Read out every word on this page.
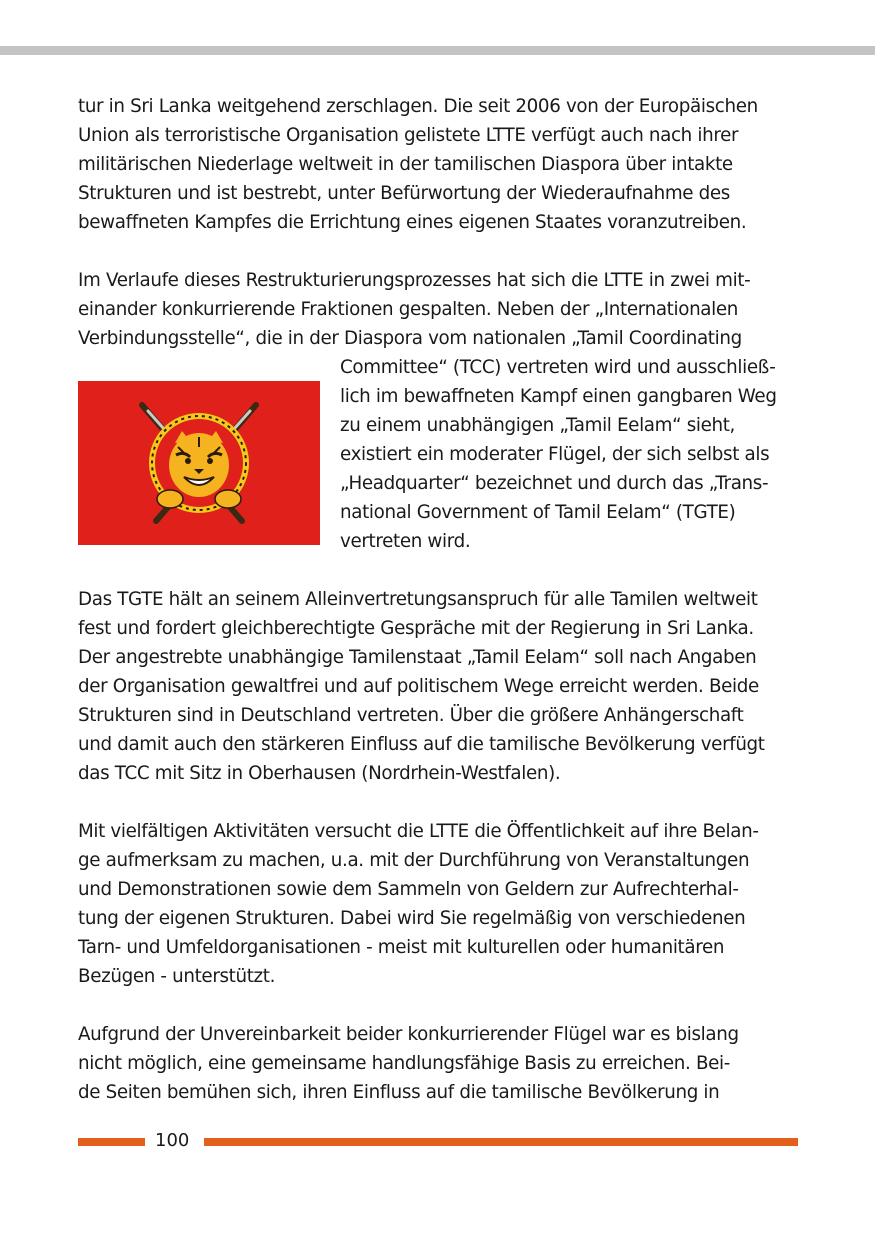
tur in Sri Lanka weitgehend zerschlagen. Die seit 2006 von der Europäischen
Union als terroristische Organisation gelistete LTTE verfügt auch nach ihrer
militärischen Niederlage weltweit in der tamilischen Diaspora über intakte
Strukturen und ist bestrebt, unter Befürwortung der Wiederaufnahme des
bewaffneten Kampfes die Errichtung eines eigenen Staates voranzutreiben.

Im Verlaufe dieses Restrukturierungsprozesses hat sich die LTTE in zwei mit-
einander konkurrierende Fraktionen gespalten. Neben der „Internationalen
Verbindungsstelle“, die in der Diaspora vom nationalen „Tamil Coordinating
Committee“ (TCC) vertreten wird und ausschließ-
lich im bewaffneten Kampf einen gangbaren Weg
zu einem unabhängigen „Tamil Eelam“ sieht,
existiert ein moderater Flügel, der sich selbst als
„Headquarter“ bezeichnet und durch das „Trans-
national Government of Tamil Eelam“ (TGTE)
vertreten wird.

Das TGTE hält an seinem Alleinvertretungsanspruch für alle Tamilen weltweit
fest und fordert gleichberechtigte Gespräche mit der Regierung in Sri Lanka.
Der angestrebte unabhängige Tamilenstaat „Tamil Eelam“ soll nach Angaben
der Organisation gewaltfrei und auf politischem Wege erreicht werden. Beide
Strukturen sind in Deutschland vertreten. Über die größere Anhängerschaft
und damit auch den stärkeren Einfluss auf die tamilische Bevölkerung verfügt
das TCC mit Sitz in Oberhausen (Nordrhein-Westfalen).

Mit vielfältigen Aktivitäten versucht die LTTE die Öffentlichkeit auf ihre Belan-
ge aufmerksam zu machen, u.a. mit der Durchführung von Veranstaltungen
und Demonstrationen sowie dem Sammeln von Geldern zur Aufrechterhal-
tung der eigenen Strukturen. Dabei wird Sie regelmäßig von verschiedenen
Tarn- und Umfeldorganisationen - meist mit kulturellen oder humanitären
Bezügen - unterstützt.

Aufgrund der Unvereinbarkeit beider konkurrierender Flügel war es bislang
nicht möglich, eine gemeinsame handlungsfähige Basis zu erreichen. Bei-
de Seiten bemühen sich, ihren Einfluss auf die tamilische Bevölkerung in

100
